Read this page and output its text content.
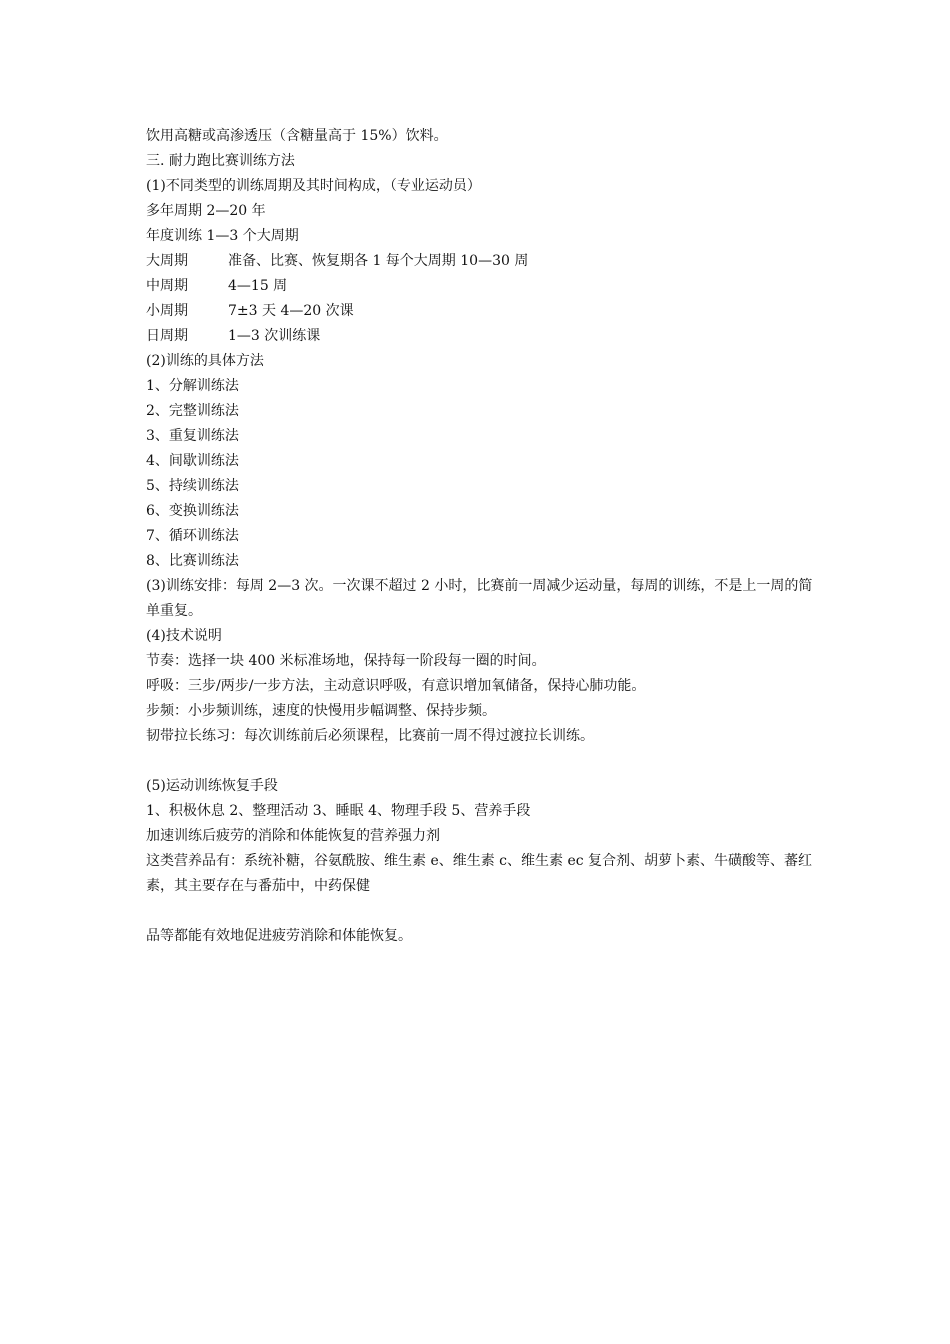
饮用高糖或高渗透压（含糖量高于 15%）饮料。
三. 耐力跑比赛训练方法
(1)不同类型的训练周期及其时间构成，（专业运动员）
多年周期 2—20 年
年度训练 1—3 个大周期
大周期	准备、比赛、恢复期各 1 每个大周期 10—30 周
中周期	4—15 周
小周期	7±3 天 4—20 次课
日周期	1—3 次训练课
(2)训练的具体方法
1、分解训练法
2、完整训练法
3、重复训练法
4、间歇训练法
5、持续训练法
6、变换训练法
7、循环训练法
8、比赛训练法
(3)训练安排：每周 2—3 次。一次课不超过 2 小时，比赛前一周减少运动量，每周的训练，不是上一周的简单重复。
(4)技术说明
节奏：选择一块 400 米标准场地，保持每一阶段每一圈的时间。
呼吸：三步/两步/一步方法，主动意识呼吸，有意识增加氧储备，保持心肺功能。
步频：小步频训练，速度的快慢用步幅调整、保持步频。
韧带拉长练习：每次训练前后必须课程，比赛前一周不得过渡拉长训练。
(5)运动训练恢复手段
1、积极休息 2、整理活动 3、睡眠 4、物理手段 5、营养手段
加速训练后疲劳的消除和体能恢复的营养强力剂
这类营养品有：系统补糖，谷氨酰胺、维生素 e、维生素 c、维生素 ec 复合剂、胡萝卜素、牛磺酸等、蕃红素，其主要存在与番茄中，中药保健
品等都能有效地促进疲劳消除和体能恢复。
